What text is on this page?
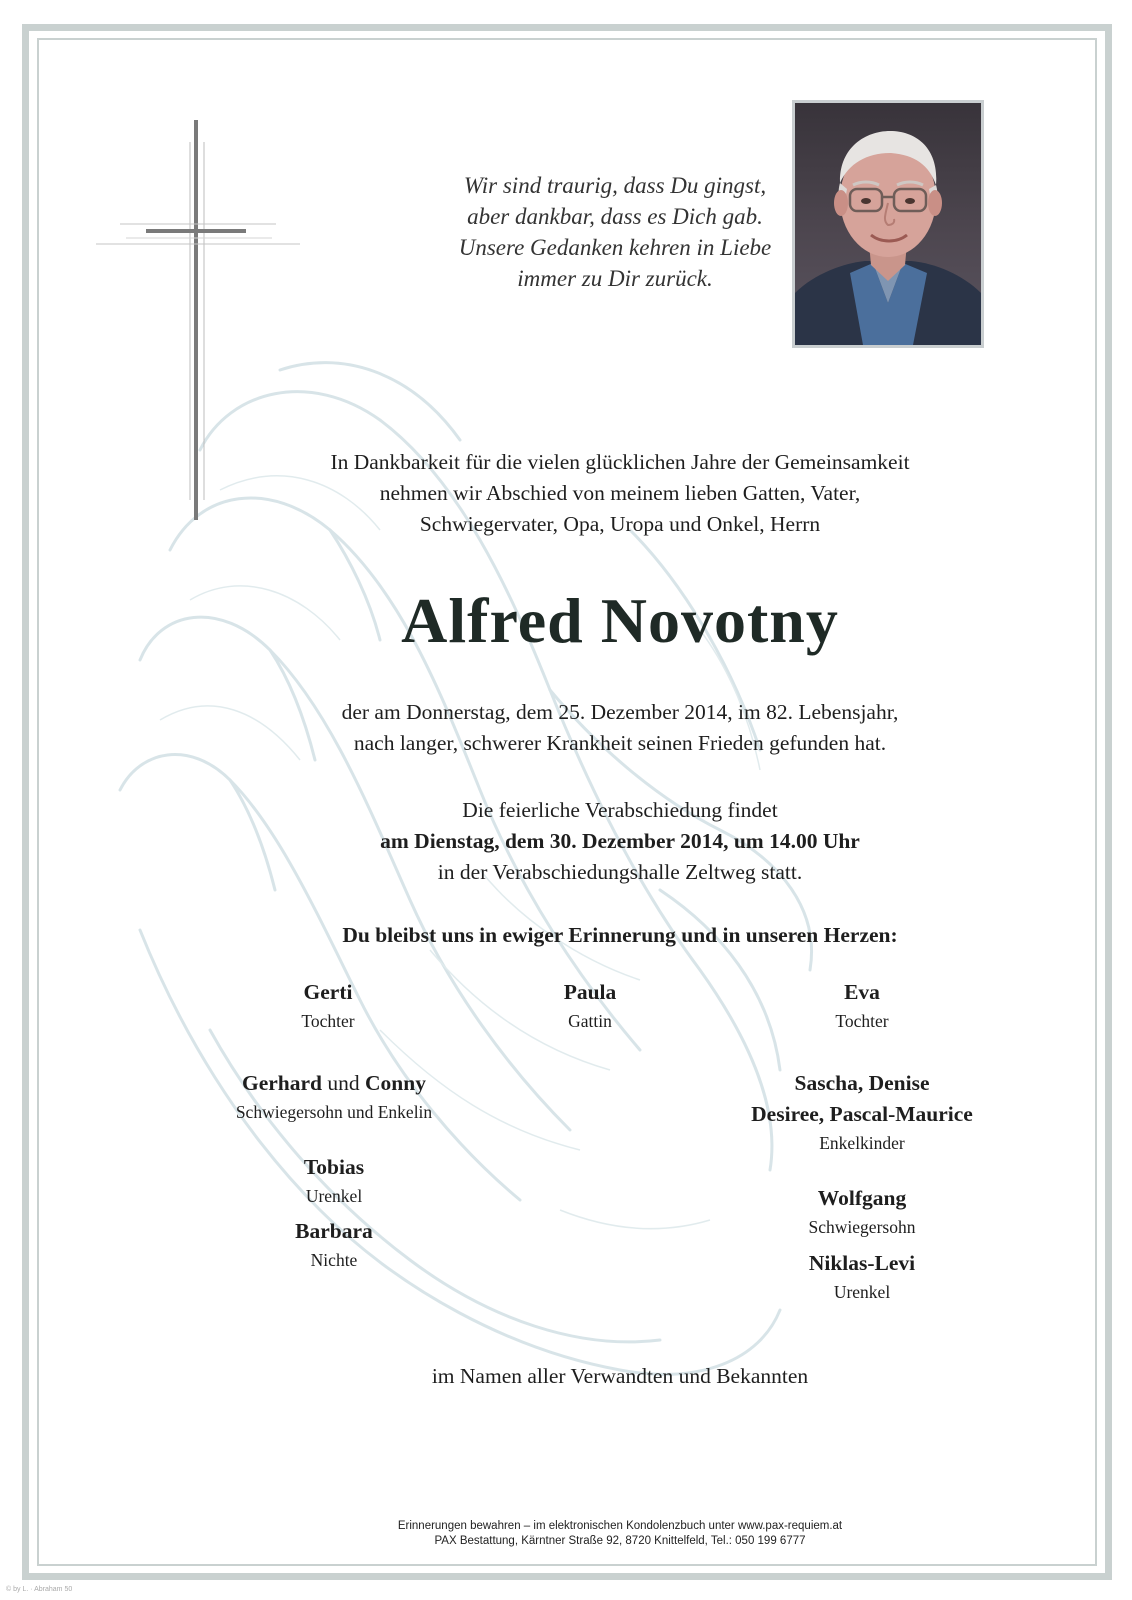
Wir sind traurig, dass Du gingst,
aber dankbar, dass es Dich gab.
Unsere Gedanken kehren in Liebe
immer zu Dir zurück.
In Dankbarkeit für die vielen glücklichen Jahre der Gemeinsamkeit
nehmen wir Abschied von meinem lieben Gatten, Vater,
Schwiegervater, Opa, Uropa und Onkel, Herrn
Alfred Novotny
der am Donnerstag, dem 25. Dezember 2014, im 82. Lebensjahr,
nach langer, schwerer Krankheit seinen Frieden gefunden hat.
Die feierliche Verabschiedung findet
am Dienstag, dem 30. Dezember 2014, um 14.00 Uhr
in der Verabschiedungshalle Zeltweg statt.
Du bleibst uns in ewiger Erinnerung und in unseren Herzen:
Gerti
Tochter
Paula
Gattin
Eva
Tochter
Gerhard und Conny
Schwiegersohn und Enkelin
Sascha, Denise
Desiree, Pascal-Maurice
Enkelkinder
Tobias
Urenkel
Barbara
Nichte
Wolfgang
Schwiegersohn
Niklas-Levi
Urenkel
im Namen aller Verwandten und Bekannten
Erinnerungen bewahren – im elektronischen Kondolenzbuch unter www.pax-requiem.at
PAX Bestattung, Kärntner Straße 92, 8720 Knittelfeld, Tel.: 050 199 6777
© by L. · Abraham 50
